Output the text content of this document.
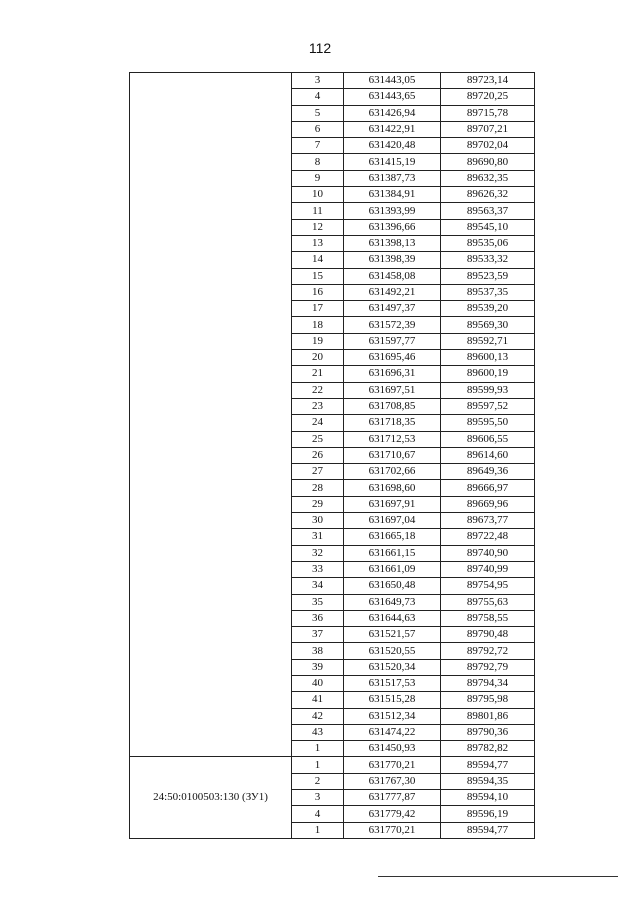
112
	3	631443,05	89723,14
	4	631443,65	89720,25
	5	631426,94	89715,78
	6	631422,91	89707,21
	7	631420,48	89702,04
	8	631415,19	89690,80
	9	631387,73	89632,35
	10	631384,91	89626,32
	11	631393,99	89563,37
	12	631396,66	89545,10
	13	631398,13	89535,06
	14	631398,39	89533,32
	15	631458,08	89523,59
	16	631492,21	89537,35
	17	631497,37	89539,20
	18	631572,39	89569,30
	19	631597,77	89592,71
	20	631695,46	89600,13
	21	631696,31	89600,19
	22	631697,51	89599,93
	23	631708,85	89597,52
	24	631718,35	89595,50
	25	631712,53	89606,55
	26	631710,67	89614,60
	27	631702,66	89649,36
	28	631698,60	89666,97
	29	631697,91	89669,96
	30	631697,04	89673,77
	31	631665,18	89722,48
	32	631661,15	89740,90
	33	631661,09	89740,99
	34	631650,48	89754,95
	35	631649,73	89755,63
	36	631644,63	89758,55
	37	631521,57	89790,48
	38	631520,55	89792,72
	39	631520,34	89792,79
	40	631517,53	89794,34
	41	631515,28	89795,98
	42	631512,34	89801,86
	43	631474,22	89790,36
	1	631450,93	89782,82
24:50:0100503:130 (ЗУ1)	1	631770,21	89594,77
	2	631767,30	89594,35
	3	631777,87	89594,10
	4	631779,42	89596,19
	1	631770,21	89594,77
